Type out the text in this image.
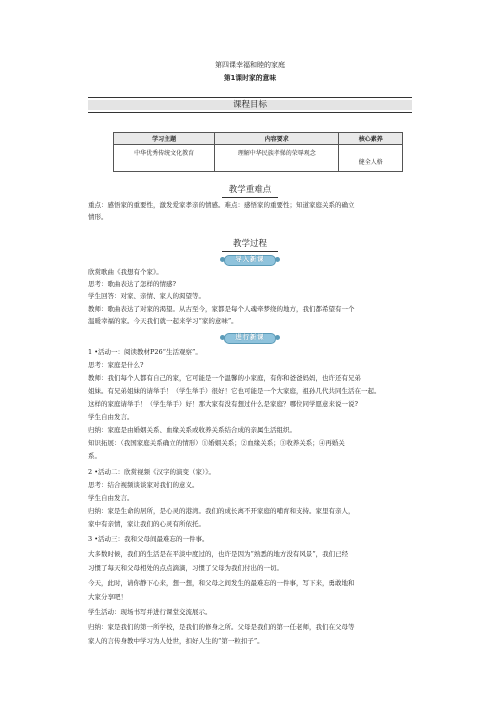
第四课幸福和睦的家庭
第1课时家的意味
课程目标
学习主题	内容要求	核心素养
中华优秀传统文化教育	理解中华民族孝悌的荣辱观念	健全人格
教学重难点
重点：感悟家的重要性，激发爱家孝亲的情感。难点：感悟家的重要性；知道家庭关系的确立
情形。
教学过程
导入新课
欣赏歌曲《我想有个家》。
思考：歌曲表达了怎样的情感?
学生回答：对家、亲情、家人的渴望等。
教师：歌曲表达了对家的渴望。从古至今，家都是每个人魂牵梦绕的地方，我们都希望有一个
温暖幸福的家。今天我们就一起来学习“家的意味”。
进行新课
1 •活动一：阅读教材P26“生活观察”。
思考：家庭是什么?
教师：我们每个人都有自己的家，它可能是一个温馨的小家庭，有你和爸爸妈妈，也许还有兄弟
姐妹。有兄弟姐妹的请举手！（学生举手）很好！它也可能是一个大家庭，祖孙几代共同生活在一起。
这样的家庭请举手！（学生举手）好！那大家有没有想过什么是家庭？哪位同学愿意来说一说?
学生自由发言。
归纳：家庭是由婚姻关系、血缘关系或收养关系结合成的亲属生活组织。
知识拓展：（我国家庭关系确立的情形）①婚姻关系；②血缘关系；③收养关系；④再婚关
系。
2 •活动二：欣赏视频《汉字的演变（家）》。
思考：结合视频谈谈家对我们的意义。
学生自由发言。
归纳：家是生命的居所，是心灵的港湾。我们的成长离不开家庭的哺育和支持。家里有亲人，
家中有亲情，家让我们的心灵有所依托。
3 •活动三：我和父母间最难忘的一件事。
大多数时候，我们的生活是在平淡中度过的，也许是因为“熟悉的地方没有风景”，我们已经
习惯了每天和父母相处的点点滴滴，习惯了父母为我们付出的一切。
今天，此时，请你静下心来，想一想，和父母之间发生的最难忘的一件事，写下来，勇敢地和
大家分享吧！
学生活动：现场书写并进行课堂交流展示。
归纳：家是我们的第一所学校，是我们的修身之所。父母是我们的第一任老师，我们在父母等
家人的言传身教中学习为人处世，扣好人生的“第一粒扣子”。
